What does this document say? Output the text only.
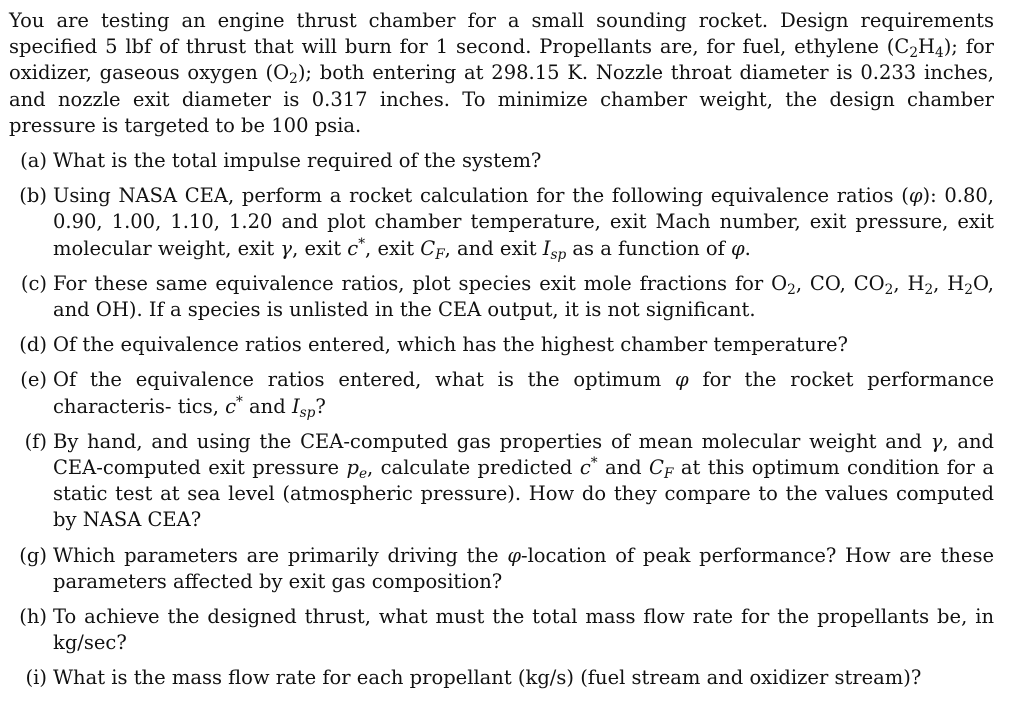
You are testing an engine thrust chamber for a small sounding rocket. Design requirements specified 5 lbf of thrust that will burn for 1 second. Propellants are, for fuel, ethylene $(C_2H_4)$; for oxidizer, gaseous oxygen $(O_2)$; both entering at 298.15 K. Nozzle throat diameter is 0.233 inches, and nozzle exit diameter is 0.317 inches. To minimize chamber weight, the design chamber pressure is targeted to be 100 psia.

(a) What is the total impulse required of the system?
(b) Using NASA CEA, perform a rocket calculation for the following equivalence ratios (φ): 0.80, 0.90, 1.00, 1.10, 1.20 and plot chamber temperature, exit Mach number, exit pressure, exit molecular weight, exit γ, exit c*, exit $C_F$, and exit $I_{sp}$ as a function of φ.
(c) For these same equivalence ratios, plot species exit mole fractions for $O_2$, CO, $CO_2$, $H_2$, $H_2O$, and OH). If a species is unlisted in the CEA output, it is not significant.
(d) Of the equivalence ratios entered, which has the highest chamber temperature?
(e) Of the equivalence ratios entered, what is the optimum φ for the rocket performance characteris- tics, c* and $I_{sp}$?
(f) By hand, and using the CEA-computed gas properties of mean molecular weight and γ, and CEA-computed exit pressure $p_e$, calculate predicted c* and $C_F$ at this optimum condition for a static test at sea level (atmospheric pressure). How do they compare to the values computed by NASA CEA?
(g) Which parameters are primarily driving the φ-location of peak performance? How are these parameters affected by exit gas composition?
(h) To achieve the designed thrust, what must the total mass flow rate for the propellants be, in kg/sec?
(i) What is the mass flow rate for each propellant (kg/s) (fuel stream and oxidizer stream)?
